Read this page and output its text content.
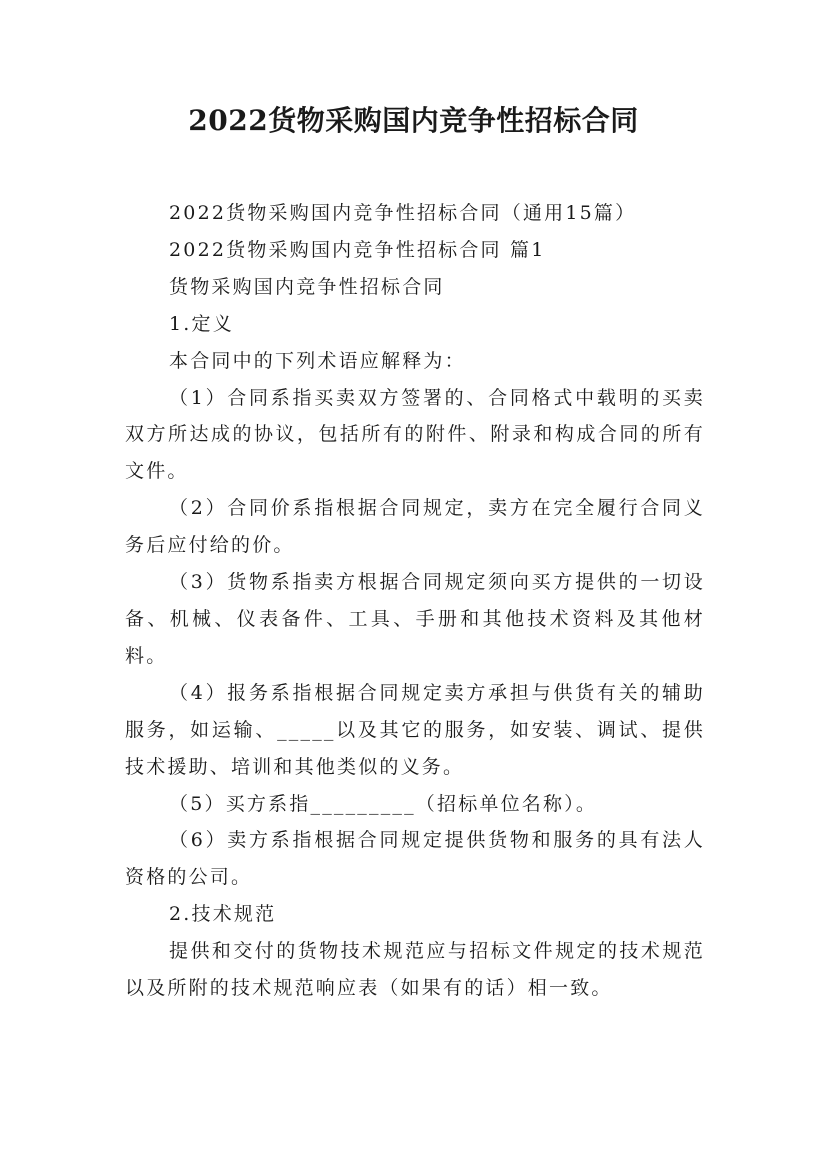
2022货物采购国内竞争性招标合同
2022货物采购国内竞争性招标合同（通用15篇）
2022货物采购国内竞争性招标合同 篇1
货物采购国内竞争性招标合同
1.定义
本合同中的下列术语应解释为：
（1）合同系指买卖双方签署的、合同格式中载明的买卖双方所达成的协议，包括所有的附件、附录和构成合同的所有文件。
（2）合同价系指根据合同规定，卖方在完全履行合同义务后应付给的价。
（3）货物系指卖方根据合同规定须向买方提供的一切设备、机械、仪表备件、工具、手册和其他技术资料及其他材料。
（4）报务系指根据合同规定卖方承担与供货有关的辅助服务，如运输、_____以及其它的服务，如安装、调试、提供技术援助、培训和其他类似的义务。
（5）买方系指_________（招标单位名称）。
（6）卖方系指根据合同规定提供货物和服务的具有法人资格的公司。
2.技术规范
提供和交付的货物技术规范应与招标文件规定的技术规范以及所附的技术规范响应表（如果有的话）相一致。
